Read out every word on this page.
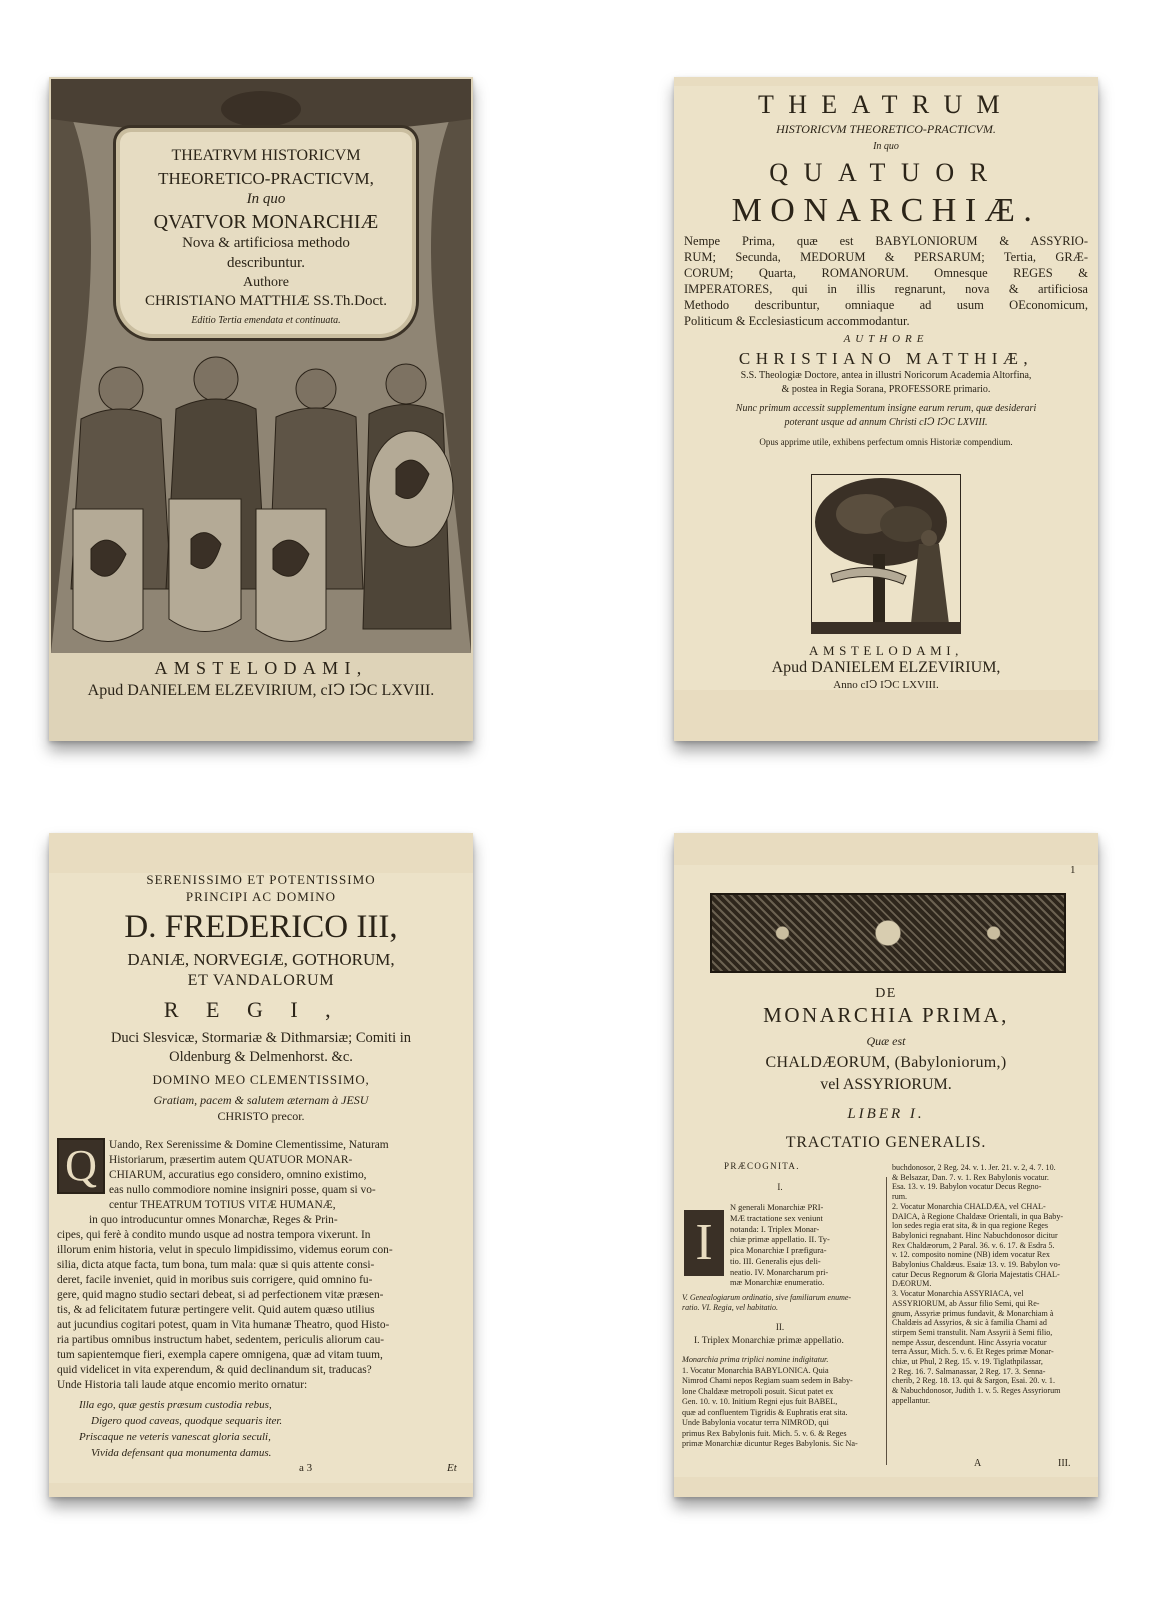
THEATRVM HISTORICVM
THEORETICO-PRACTICVM,
In quo
QVATVOR MONARCHIÆ
Nova & artificiosa methodo
describuntur.
Authore
CHRISTIANO MATTHIÆ SS.Th.Doct.
Editio Tertia emendata et continuata.
AMSTELODAMI,
Apud DANIELEM ELZEVIRIUM, cIↃ IↃC LXVIII.
THEATRUM
HISTORICVM THEORETICO-PRACTICVM.
In quo
QUATUOR
MONARCHIÆ.
Nempe Prima, quæ est BABYLONIORUM & ASSYRIO-
RUM; Secunda, MEDORUM & PERSARUM; Tertia, GRÆ-
CORUM; Quarta, ROMANORUM. Omnesque REGES &
IMPERATORES, qui in illis regnarunt, nova & artificiosa
Methodo describuntur, omniaque ad usum OEconomicum,
Politicum & Ecclesiasticum accommodantur.
AUTHORE
CHRISTIANO MATTHIÆ,
S.S. Theologiæ Doctore, antea in illustri Noricorum Academia Altorfina,
& postea in Regia Sorana, PROFESSORE primario.
Nunc primum accessit supplementum insigne earum rerum, quæ desiderari
poterant usque ad annum Christi cIↃ IↃC LXVIII.
Opus apprime utile, exhibens perfectum omnis Historiæ compendium.
AMSTELODAMI,
Apud DANIELEM ELZEVIRIUM,
Anno cIↃ IↃC LXVIII.
SERENISSIMO ET POTENTISSIMO
PRINCIPI AC DOMINO
D. FREDERICO III,
DANIÆ, NORVEGIÆ, GOTHORUM,
ET VANDALORUM
REGI,
Duci Slesvicæ, Stormariæ & Dithmarsiæ; Comiti in
Oldenburg & Delmenhorst. &c.
DOMINO MEO CLEMENTISSIMO,
Gratiam, pacem & salutem æternam à JESU
CHRISTO precor.
Q	Uando, Rex Serenissime & Domine Clementissime, Naturam
Historiarum, præsertim autem QUATUOR MONAR-
CHIARUM, accuratius ego considero, omnino existimo,
eas nullo commodiore nomine insigniri posse, quam si vo-
centur THEATRUM TOTIUS VITÆ HUMANÆ,
in quo introducuntur omnes Monarchæ, Reges & Prin-
cipes, qui ferè à condito mundo usque ad nostra tempora vixerunt. In
illorum enim historia, velut in speculo limpidissimo, videmus eorum con-
silia, dicta atque facta, tum bona, tum mala: quæ si quis attente consi-
deret, facile inveniet, quid in moribus suis corrigere, quid omnino fu-
gere, quid magno studio sectari debeat, si ad perfectionem vitæ præsen-
tis, & ad felicitatem futuræ pertingere velit. Quid autem quæso utilius
aut jucundius cogitari potest, quam in Vita humanæ Theatro, quod Histo-
ria partibus omnibus instructum habet, sedentem, periculis aliorum cau-
tum sapientemque fieri, exempla capere omnigena, quæ ad vitam tuum,
quid videlicet in vita experendum, & quid declinandum sit, traducas?
Unde Historia tali laude atque encomio merito ornatur:
Illa ego, quæ gestis præsum custodia rebus,
Digero quod caveas, quodque sequaris iter.
Priscaque ne veteris vanescat gloria seculi,
Vivida defensant qua monumenta damus.
a 3	Et
1
DE
MONARCHIA PRIMA,
Quæ est
CHALDÆORUM, (Babyloniorum,)
vel ASSYRIORUM.
LIBER I.
TRACTATIO GENERALIS.
PRÆCOGNITA.
I.
I
N generali Monarchiæ PRI-
MÆ tractatione sex veniunt
notanda: I. Triplex Monar-
chiæ primæ appellatio. II. Ty-
pica Monarchiæ I præfigura-
tio. III. Generalis ejus deli-
neatio. IV. Monarcharum pri-
mæ Monarchiæ enumeratio.
V. Genealogiarum ordinatio, sive familiarum enume-
ratio. VI. Regia, vel habitatio.
II.
I. Triplex Monarchiæ primæ appellatio.
Monarchia prima triplici nomine indigitatur.
1. Vocatur Monarchia BABYLONICA. Quia
Nimrod Chami nepos Regiam suam sedem in Baby-
lone Chaldææ metropoli posuit. Sicut patet ex
Gen. 10. v. 10. Initium Regni ejus fuit BABEL,
quæ ad confluentem Tigridis & Euphratis erat sita.
Unde Babylonia vocatur terra NIMROD, qui
primus Rex Babylonis fuit. Mich. 5. v. 6. & Reges
primæ Monarchiæ dicuntur Reges Babylonis. Sic Na-
buchdonosor, 2 Reg. 24. v. 1. Jer. 21. v. 2, 4. 7. 10.
& Belsazar, Dan. 7. v. 1. Rex Babylonis vocatur.
Esa. 13. v. 19. Babylon vocatur Decus Regno-
rum.
2. Vocatur Monarchia CHALDÆA, vel CHAL-
DAICA, à Regione Chaldææ Orientali, in qua Baby-
lon sedes regia erat sita, & in qua regione Reges
Babylonici regnabant. Hinc Nabuchdonosor dicitur
Rex Chaldæorum, 2 Paral. 36. v. 6. 17. & Esdra 5.
v. 12. composito nomine (NB) idem vocatur Rex
Babylonius Chaldæus. Esaiæ 13. v. 19. Babylon vo-
catur Decus Regnorum & Gloria Majestatis CHAL-
DÆORUM.
3. Vocatur Monarchia ASSYRIACA, vel
ASSYRIORUM, ab Assur filio Semi, qui Re-
gnum, Assyriæ primus fundavit, & Monarchiam à
Chaldæis ad Assyrios, & sic à familia Chami ad
stirpem Semi transtulit. Nam Assyrii à Semi filio,
nempe Assur, descendunt. Hinc Assyria vocatur
terra Assur, Mich. 5. v. 6. Et Reges primæ Monar-
chiæ, ut Phul, 2 Reg. 15. v. 19. Tiglathpilassar,
2 Reg. 16. 7. Salmanassar, 2 Reg. 17. 3. Senna-
cherib, 2 Reg. 18. 13. qui & Sargon, Esai. 20. v. 1.
& Nabuchdonosor, Judith 1. v. 5. Reges Assyriorum
appellantur.
A	III.
